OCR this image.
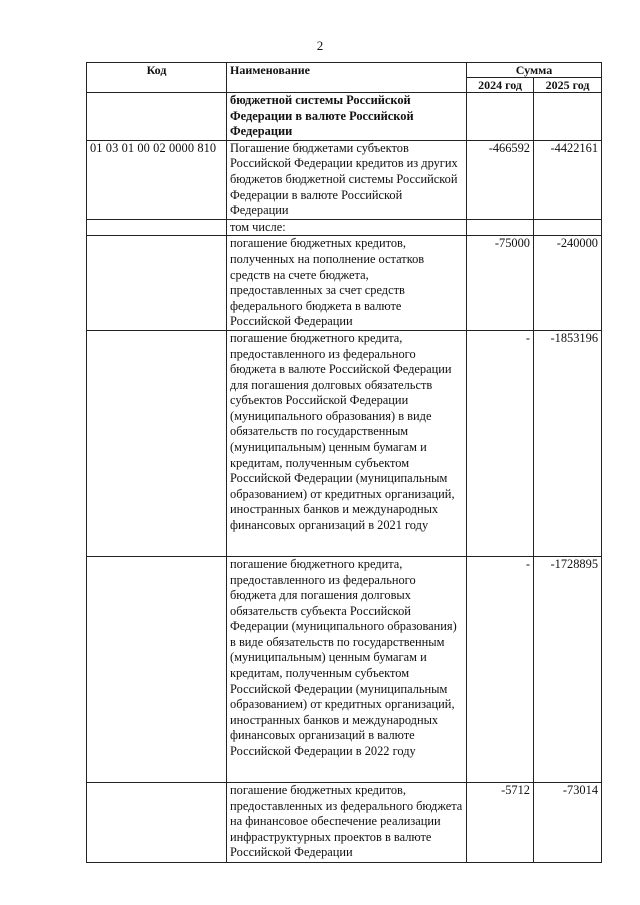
2
Код	Наименование	Сумма	
		2024 год	2025 год
	бюджетной системы Российской Федерации в валюте Российской Федерации		
01 03 01 00 02 0000 810	Погашение бюджетами субъектов Российской Федерации кредитов из других бюджетов бюджетной системы Российской Федерации в валюте Российской Федерации	-466592	-4422161
	том числе:		
	погашение бюджетных кредитов, полученных на пополнение остатков средств на счете бюджета, предоставленных за счет средств федерального бюджета в валюте Российской Федерации	-75000	-240000
	погашение бюджетного кредита, предоставленного из федерального бюджета в валюте Российской Федерации для погашения долговых обязательств субъектов Российской Федерации (муниципального образования) в виде обязательств по государственным (муниципальным) ценным бумагам и кредитам, полученным субъектом Российской Федерации (муниципальным образованием) от кредитных организаций, иностранных банков и международных финансовых организаций в 2021 году	-	-1853196
	погашение бюджетного кредита, предоставленного из федерального бюджета для погашения долговых обязательств субъекта Российской Федерации (муниципального образования) в виде обязательств по государственным (муниципальным) ценным бумагам и кредитам, полученным субъектом Российской Федерации (муниципальным образованием) от кредитных организаций, иностранных банков и международных финансовых организаций в валюте Российской Федерации в 2022 году	-	-1728895
	погашение бюджетных кредитов, предоставленных из федерального бюджета на финансовое обеспечение реализации инфраструктурных проектов в валюте Российской Федерации	-5712	-73014
